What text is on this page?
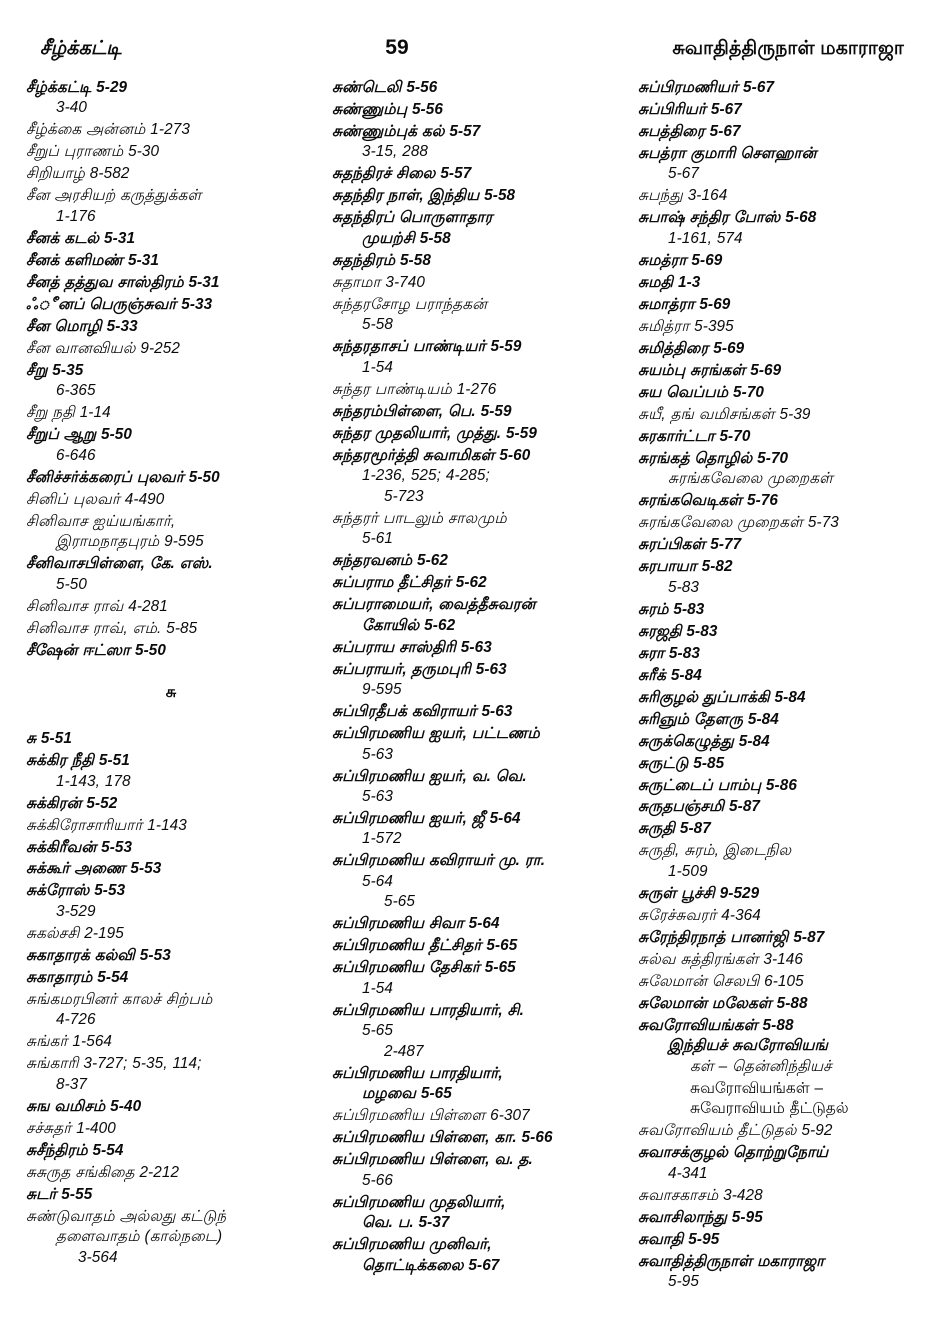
சீழ்க்கட்டி	59	சுவாதித்திருநாள் மகாராஜா
சீழ்க்கட்டி 5-29
3-40
சீழ்க்கை அன்னம் 1-273
சீறுப் புராணம் 5-30
சிறியாழ் 8-582
சீன அரசியற் கருத்துக்கள்
1-176
சீனக் கடல் 5-31
சீனக் களிமண் 5-31
சீனத் தத்துவ சாஸ்திரம் 5-31
ஃீனப் பெருஞ்சுவர் 5-33
சீன மொழி 5-33
சீன வானவியல் 9-252
சீறு 5-35
6-365
சீறு நதி 1-14
சீறுப் ஆறு 5-50
6-646
சீனிச்சர்க்கரைப் புலவர் 5-50
சினிப் புலவர் 4-490
சினிவாச ஐய்யங்கார்,
இராமநாதபுரம் 9-595
சீனிவாசபிள்ளை, கே. எஸ்.
5-50
சினிவாச ராவ் 4-281
சினிவாச ராவ், எம். 5-85
சீஷேன் ஈட்ஸா 5-50
சு
சு 5-51
சுக்கிர நீதி 5-51
1-143, 178
சுக்கிரன் 5-52
சுக்கிரோசாரியார் 1-143
சுக்கிரீவன் 5-53
சுக்கூர் அணை 5-53
சுக்ரோஸ் 5-53
3-529
சுகல்சசி 2-195
சுகாதாரக் கல்வி 5-53
சுகாதாரம் 5-54
சுங்கமரபினர் காலச் சிற்பம்
4-726
சுங்கர் 1-564
சுங்காரி 3-727; 5-35, 114;
8-37
சுங வமிசம் 5-40
சச்சுதர் 1-400
சுசீந்திரம் 5-54
சுசுருத சங்கிதை 2-212
சுடர் 5-55
சுண்டுவாதம் அல்லது கட்டுந்
தளைவாதம் (கால்நடை)
3-564
சுண்டெலி 5-56
சுண்ணும்பு 5-56
சுண்ணும்புக் கல் 5-57
3-15, 288
சுதந்திரச் சிலை 5-57
சுதந்திர நாள், இந்திய 5-58
சுதந்திரப் பொருளாதார
முயற்சி 5-58
சுதந்திரம் 5-58
சுதாமா 3-740
சுந்தரசோழ பராந்தகன்
5-58
சுந்தரதாசப் பாண்டியர் 5-59
1-54
சுந்தர பாண்டியம் 1-276
சுந்தரம்பிள்ளை, பெ. 5-59
சுந்தர முதலியார், முத்து. 5-59
சுந்தரமூர்த்தி சுவாமிகள் 5-60
1-236, 525; 4-285;
5-723
சுந்தரர் பாடலும் சாலமும்
5-61
சுந்தரவனம் 5-62
சுப்பராம தீட்சிதர் 5-62
சுப்பராமையர், வைத்தீசுவரன்
கோயில் 5-62
சுப்பராய சாஸ்திரி 5-63
சுப்பராயர், தருமபுரி 5-63
9-595
சுப்பிரதீபக் கவிராயர் 5-63
சுப்பிரமணிய ஐயர், பட்டணம்
5-63
சுப்பிரமணிய ஐயர், வ. வெ.
5-63
சுப்பிரமணிய ஐயர், ஜீ 5-64
1-572
சுப்பிரமணிய கவிராயர் மு. ரா.
5-64
5-65
சுப்பிரமணிய சிவா 5-64
சுப்பிரமணிய தீட்சிதர் 5-65
சுப்பிரமணிய தேசிகர் 5-65
1-54
சுப்பிரமணிய பாரதியார், சி.
5-65
2-487
சுப்பிரமணிய பாரதியார்,
மழவை 5-65
சுப்பிரமணிய பிள்ளை 6-307
சுப்பிரமணிய பிள்ளை, கா. 5-66
சுப்பிரமணிய பிள்ளை, வ. த.
5-66
சுப்பிரமணிய முதலியார்,
வெ. ப. 5-37
சுப்பிரமணிய முனிவர்,
தொட்டிக்கலை 5-67
சுப்பிரமணியர் 5-67
சுப்பிரியர் 5-67
சுபத்திரை 5-67
சுபத்ரா குமாரி செளஹான்
5-67
சுபந்து 3-164
சுபாஷ் சந்திர போஸ் 5-68
1-161, 574
சுமத்ரா 5-69
சுமதி 1-3
சுமாத்ரா 5-69
சுமித்ரா 5-395
சுமித்திரை 5-69
சுயம்பு சுரங்கள் 5-69
சுய வெப்பம் 5-70
சுயீ, தங் வமிசங்கள் 5-39
சுரகார்ட்டா 5-70
சுரங்கத் தொழில் 5-70
சுரங்கவேலை முறைகள்
சுரங்கவெடிகள் 5-76
சுரங்கவேலை முறைகள் 5-73
சுரப்பிகள் 5-77
சுரபாயா 5-82
5-83
சுரம் 5-83
சுரஜதி 5-83
சுரா 5-83
சுரீக் 5-84
சுரிகுழல் துப்பாக்கி 5-84
சுரிஞும் தேளரு 5-84
சுருக்கெழுத்து 5-84
சுருட்டு 5-85
சுருட்டைப் பாம்பு 5-86
சுருதபஞ்சமி 5-87
சுருதி 5-87
சுருதி, சுரம், இடைநில
1-509
சுருள் பூச்சி 9-529
சுரேச்சுவரர் 4-364
சுரேந்திரநாத் பானர்ஜி 5-87
சுல்வ சுத்திரங்கள் 3-146
சுலேமான் செலபி 6-105
சுலேமான் மலேகள் 5-88
சுவரோவியங்கள் 5-88
இந்தியச் சுவரோவியங்
கள் – தென்னிந்தியச்
சுவரோவியங்கள் –
சுவேராவியம் தீட்டுதல்
சுவரோவியம் தீட்டுதல் 5-92
சுவாசக்குழல் தொற்றுநோய்
4-341
சுவாசகாசம் 3-428
சுவாசிலாந்து 5-95
சுவாதி 5-95
சுவாதித்திருநாள் மகாராஜா
5-95
